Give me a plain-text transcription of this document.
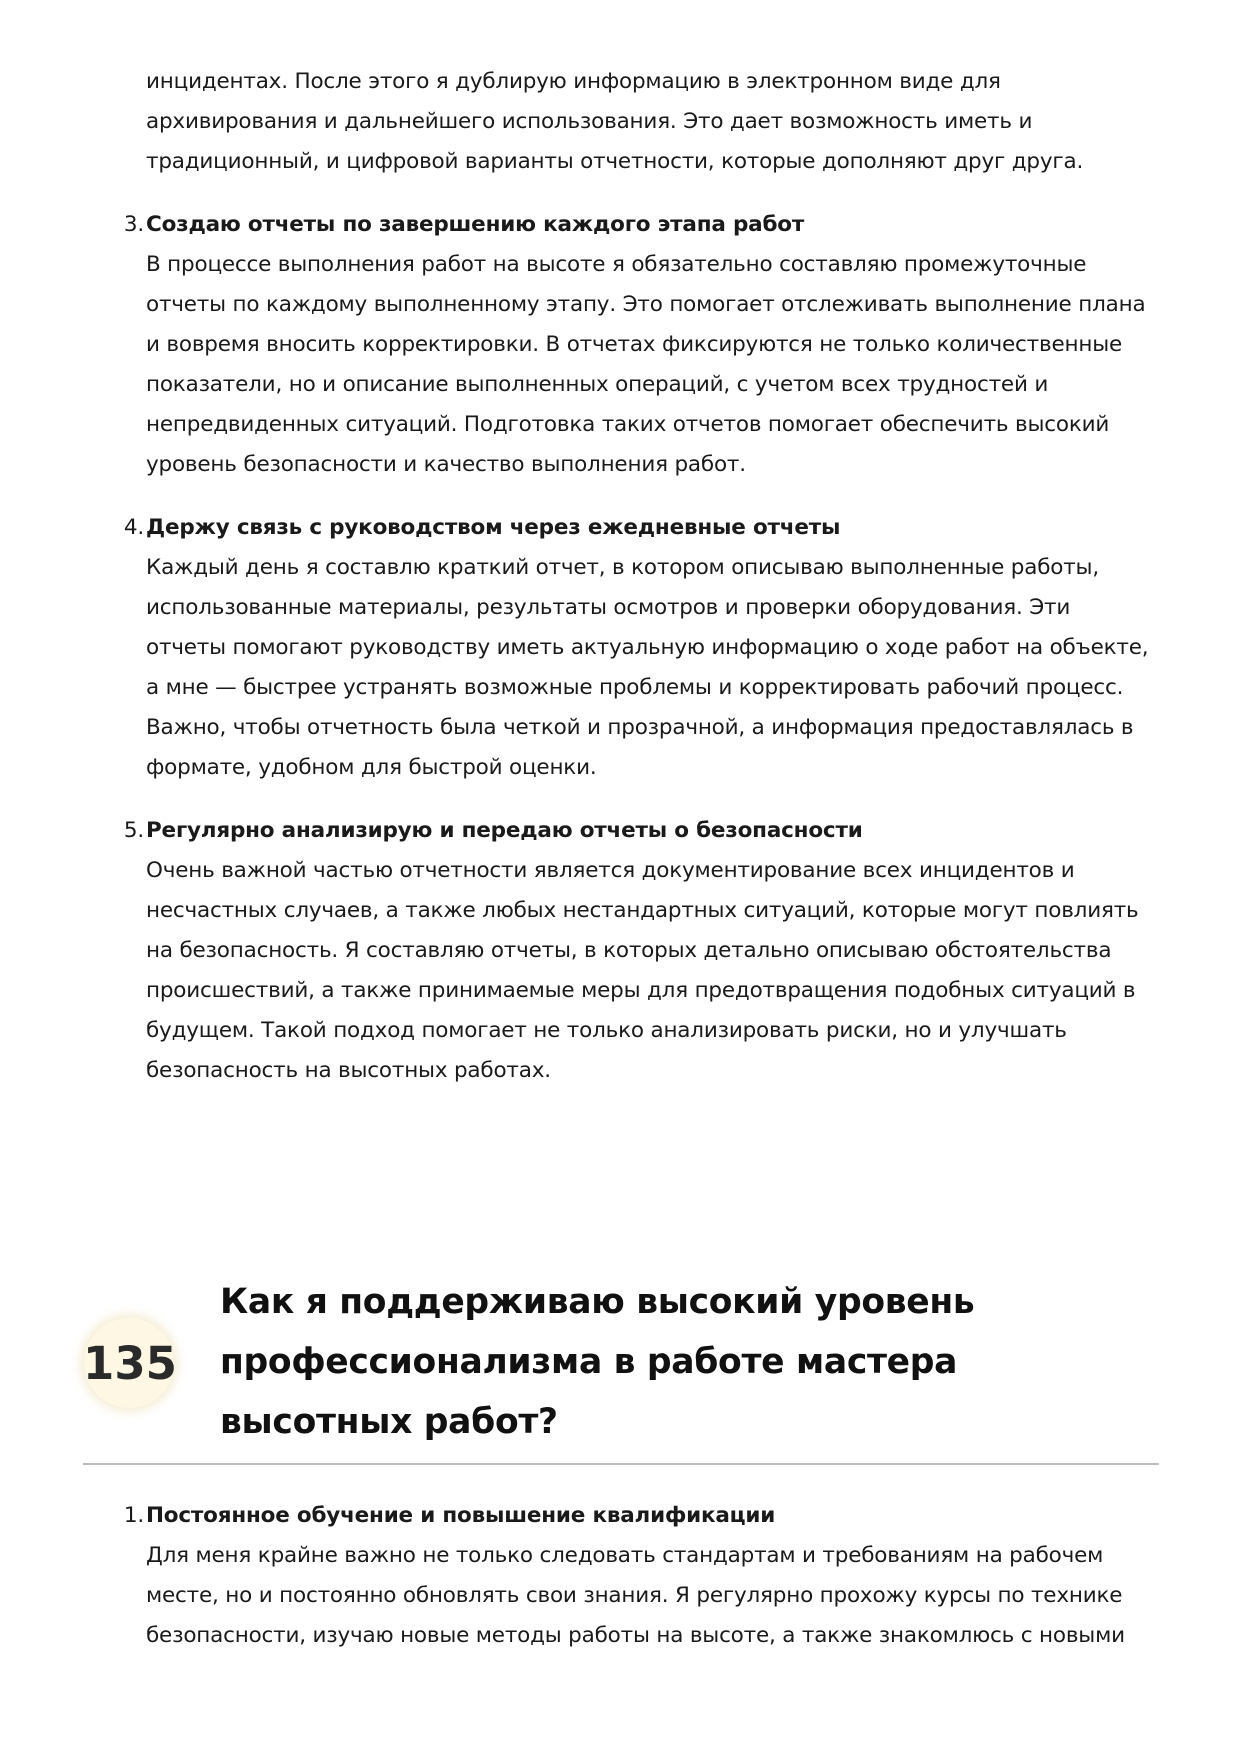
инцидентах. После этого я дублирую информацию в электронном виде для архивирования и дальнейшего использования. Это дает возможность иметь и традиционный, и цифровой варианты отчетности, которые дополняют друг друга.

3. Создаю отчеты по завершению каждого этапа работ
В процессе выполнения работ на высоте я обязательно составляю промежуточные отчеты по каждому выполненному этапу. Это помогает отслеживать выполнение плана и вовремя вносить корректировки. В отчетах фиксируются не только количественные показатели, но и описание выполненных операций, с учетом всех трудностей и непредвиденных ситуаций. Подготовка таких отчетов помогает обеспечить высокий уровень безопасности и качество выполнения работ.
4. Держу связь с руководством через ежедневные отчеты
Каждый день я составлю краткий отчет, в котором описываю выполненные работы, использованные материалы, результаты осмотров и проверки оборудования. Эти отчеты помогают руководству иметь актуальную информацию о ходе работ на объекте, а мне — быстрее устранять возможные проблемы и корректировать рабочий процесс. Важно, чтобы отчетность была четкой и прозрачной, а информация предоставлялась в формате, удобном для быстрой оценки.
5. Регулярно анализирую и передаю отчеты о безопасности
Очень важной частью отчетности является документирование всех инцидентов и несчастных случаев, а также любых нестандартных ситуаций, которые могут повлиять на безопасность. Я составляю отчеты, в которых детально описываю обстоятельства происшествий, а также принимаемые меры для предотвращения подобных ситуаций в будущем. Такой подход помогает не только анализировать риски, но и улучшать безопасность на высотных работах.
135
Как я поддерживаю высокий уровень профессионализма в работе мастера высотных работ?
1. Постоянное обучение и повышение квалификации
Для меня крайне важно не только следовать стандартам и требованиям на рабочем месте, но и постоянно обновлять свои знания. Я регулярно прохожу курсы по технике безопасности, изучаю новые методы работы на высоте, а также знакомлюсь с новыми
